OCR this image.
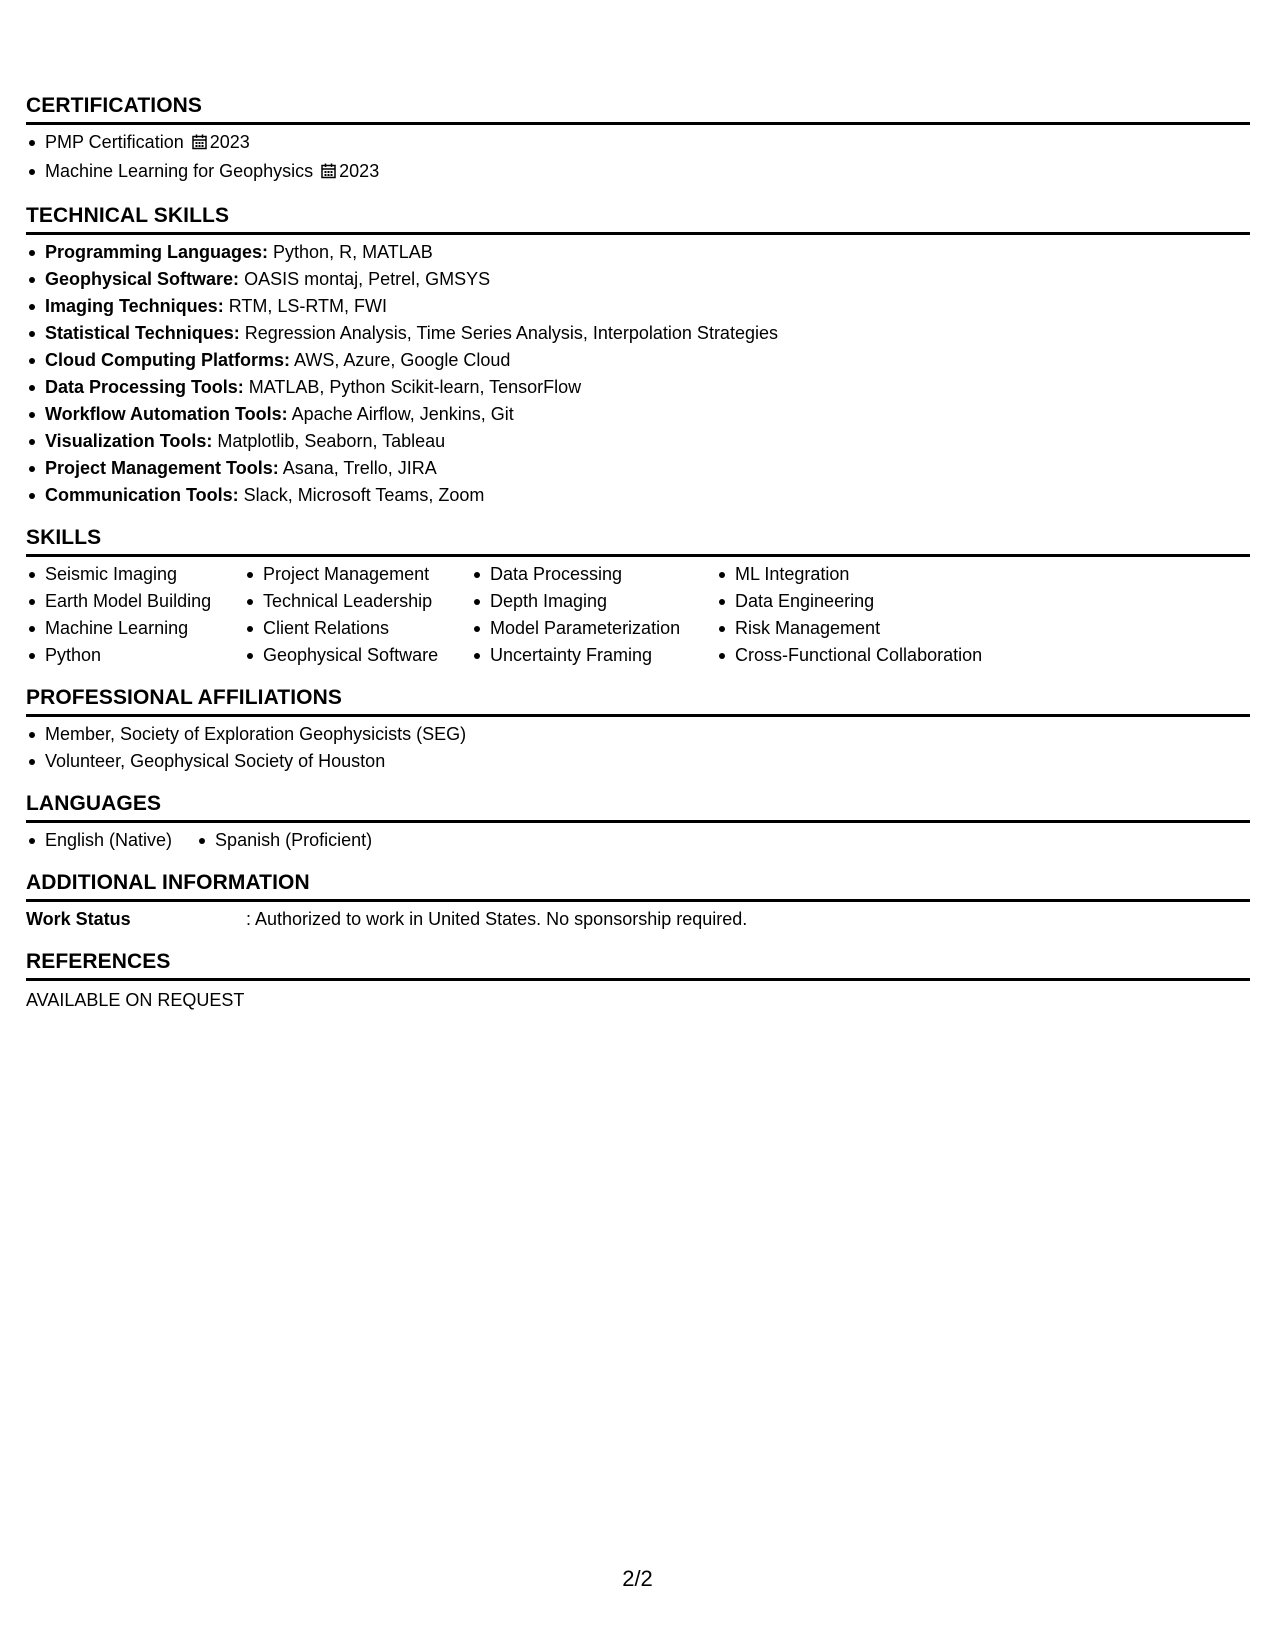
CERTIFICATIONS
PMP Certification 2023
Machine Learning for Geophysics 2023
TECHNICAL SKILLS
Programming Languages: Python, R, MATLAB
Geophysical Software: OASIS montaj, Petrel, GMSYS
Imaging Techniques: RTM, LS-RTM, FWI
Statistical Techniques: Regression Analysis, Time Series Analysis, Interpolation Strategies
Cloud Computing Platforms: AWS, Azure, Google Cloud
Data Processing Tools: MATLAB, Python Scikit-learn, TensorFlow
Workflow Automation Tools: Apache Airflow, Jenkins, Git
Visualization Tools: Matplotlib, Seaborn, Tableau
Project Management Tools: Asana, Trello, JIRA
Communication Tools: Slack, Microsoft Teams, Zoom
SKILLS
Seismic Imaging
Earth Model Building
Machine Learning
Python
Project Management
Technical Leadership
Client Relations
Geophysical Software
Data Processing
Depth Imaging
Model Parameterization
Uncertainty Framing
ML Integration
Data Engineering
Risk Management
Cross-Functional Collaboration
PROFESSIONAL AFFILIATIONS
Member, Society of Exploration Geophysicists (SEG)
Volunteer, Geophysical Society of Houston
LANGUAGES
English (Native)	Spanish (Proficient)
ADDITIONAL INFORMATION
Work Status	: Authorized to work in United States. No sponsorship required.
REFERENCES
AVAILABLE ON REQUEST
2/2
